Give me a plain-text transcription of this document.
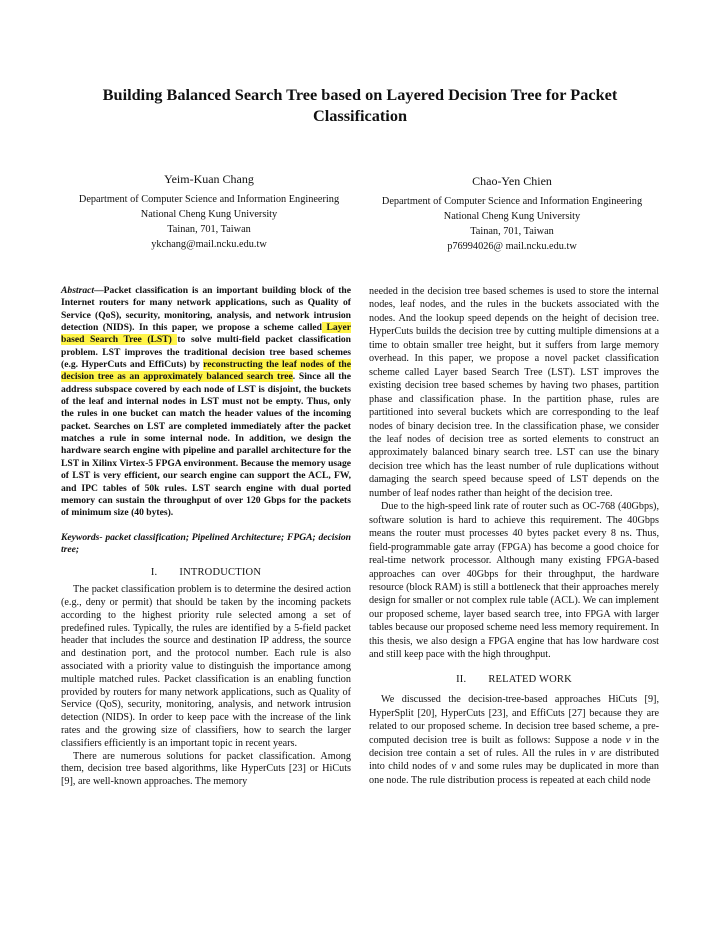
Building Balanced Search Tree based on Layered Decision Tree for Packet Classification
Yeim-Kuan Chang
Department of Computer Science and Information Engineering
National Cheng Kung University
Tainan, 701, Taiwan
ykchang@mail.ncku.edu.tw
Chao-Yen Chien
Department of Computer Science and Information Engineering
National Cheng Kung University
Tainan, 701, Taiwan
p76994026@ mail.ncku.edu.tw

Abstract—Packet classification is an important building block of the Internet routers for many network applications, such as Quality of Service (QoS), security, monitoring, analysis, and network intrusion detection (NIDS). In this paper, we propose a scheme called Layer based Search Tree (LST) to solve multi-field packet classification problem. LST improves the traditional decision tree based schemes (e.g. HyperCuts and EffiCuts) by reconstructing the leaf nodes of the decision tree as an approximately balanced search tree. Since all the address subspace covered by each node of LST is disjoint, the buckets of the leaf and internal nodes in LST must not be empty. Thus, only the rules in one bucket can match the header values of the incoming packet. Searches on LST are completed immediately after the packet matches a rule in some internal node. In addition, we design the hardware search engine with pipeline and parallel architecture for the LST in Xilinx Virtex-5 FPGA environment. Because the memory usage of LST is very efficient, our search engine can support the ACL, FW, and IPC tables of 50k rules. LST search engine with dual ported memory can sustain the throughput of over 120 Gbps for the packets of minimum size (40 bytes).

Keywords- packet classification; Pipelined Architecture; FPGA; decision tree;

I. INTRODUCTION

The packet classification problem is to determine the desired action (e.g., deny or permit) that should be taken by the incoming packets according to the highest priority rule selected among a set of predefined rules. Typically, the rules are identified by a 5-field packet header that includes the source and destination IP address, the source and destination port, and the protocol number. Each rule is also associated with a priority value to distinguish the importance among multiple matched rules. Packet classification is an enabling function provided by routers for many network applications, such as Quality of Service (QoS), security, monitoring, analysis, and network intrusion detection (NIDS). In order to keep pace with the increase of the link rates and the growing size of classifiers, how to search the larger classifiers efficiently is an important topic in recent years.

There are numerous solutions for packet classification. Among them, decision tree based algorithms, like HyperCuts [23] or HiCuts [9], are well-known approaches. The memory

needed in the decision tree based schemes is used to store the internal nodes, leaf nodes, and the rules in the buckets associated with the nodes. And the lookup speed depends on the height of decision tree. HyperCuts builds the decision tree by cutting multiple dimensions at a time to obtain smaller tree height, but it suffers from large memory overhead. In this paper, we propose a novel packet classification scheme called Layer based Search Tree (LST). LST improves the existing decision tree based schemes by having two phases, partition phase and classification phase. In the partition phase, rules are partitioned into several buckets which are corresponding to the leaf nodes of binary decision tree. In the classification phase, we consider the leaf nodes of decision tree as sorted elements to construct an approximately balanced binary search tree. LST can use the binary decision tree which has the least number of rule duplications without damaging the search speed because speed of LST depends on the number of leaf nodes rather than height of the decision tree.

Due to the high-speed link rate of router such as OC-768 (40Gbps), software solution is hard to achieve this requirement. The 40Gbps means the router must processes 40 bytes packet every 8 ns. Thus, field-programmable gate array (FPGA) has become a good choice for real-time network processor. Although many existing FPGA-based approaches can over 40Gbps for their throughput, the hardware resource (block RAM) is still a bottleneck that their approaches merely design for smaller or not complex rule table (ACL). We can implement our proposed scheme, layer based search tree, into FPGA with larger tables because our proposed scheme need less memory requirement. In this thesis, we also design a FPGA engine that has low hardware cost and still keep pace with the high throughput.

II. RELATED WORK

We discussed the decision-tree-based approaches HiCuts [9], HyperSplit [20], HyperCuts [23], and EffiCuts [27] because they are related to our proposed scheme. In decision tree based scheme, a pre-computed decision tree is built as follows: Suppose a node v in the decision tree contain a set of rules. All the rules in v are distributed into child nodes of v and some rules may be duplicated in more than one node. The rule distribution process is repeated at each child node
